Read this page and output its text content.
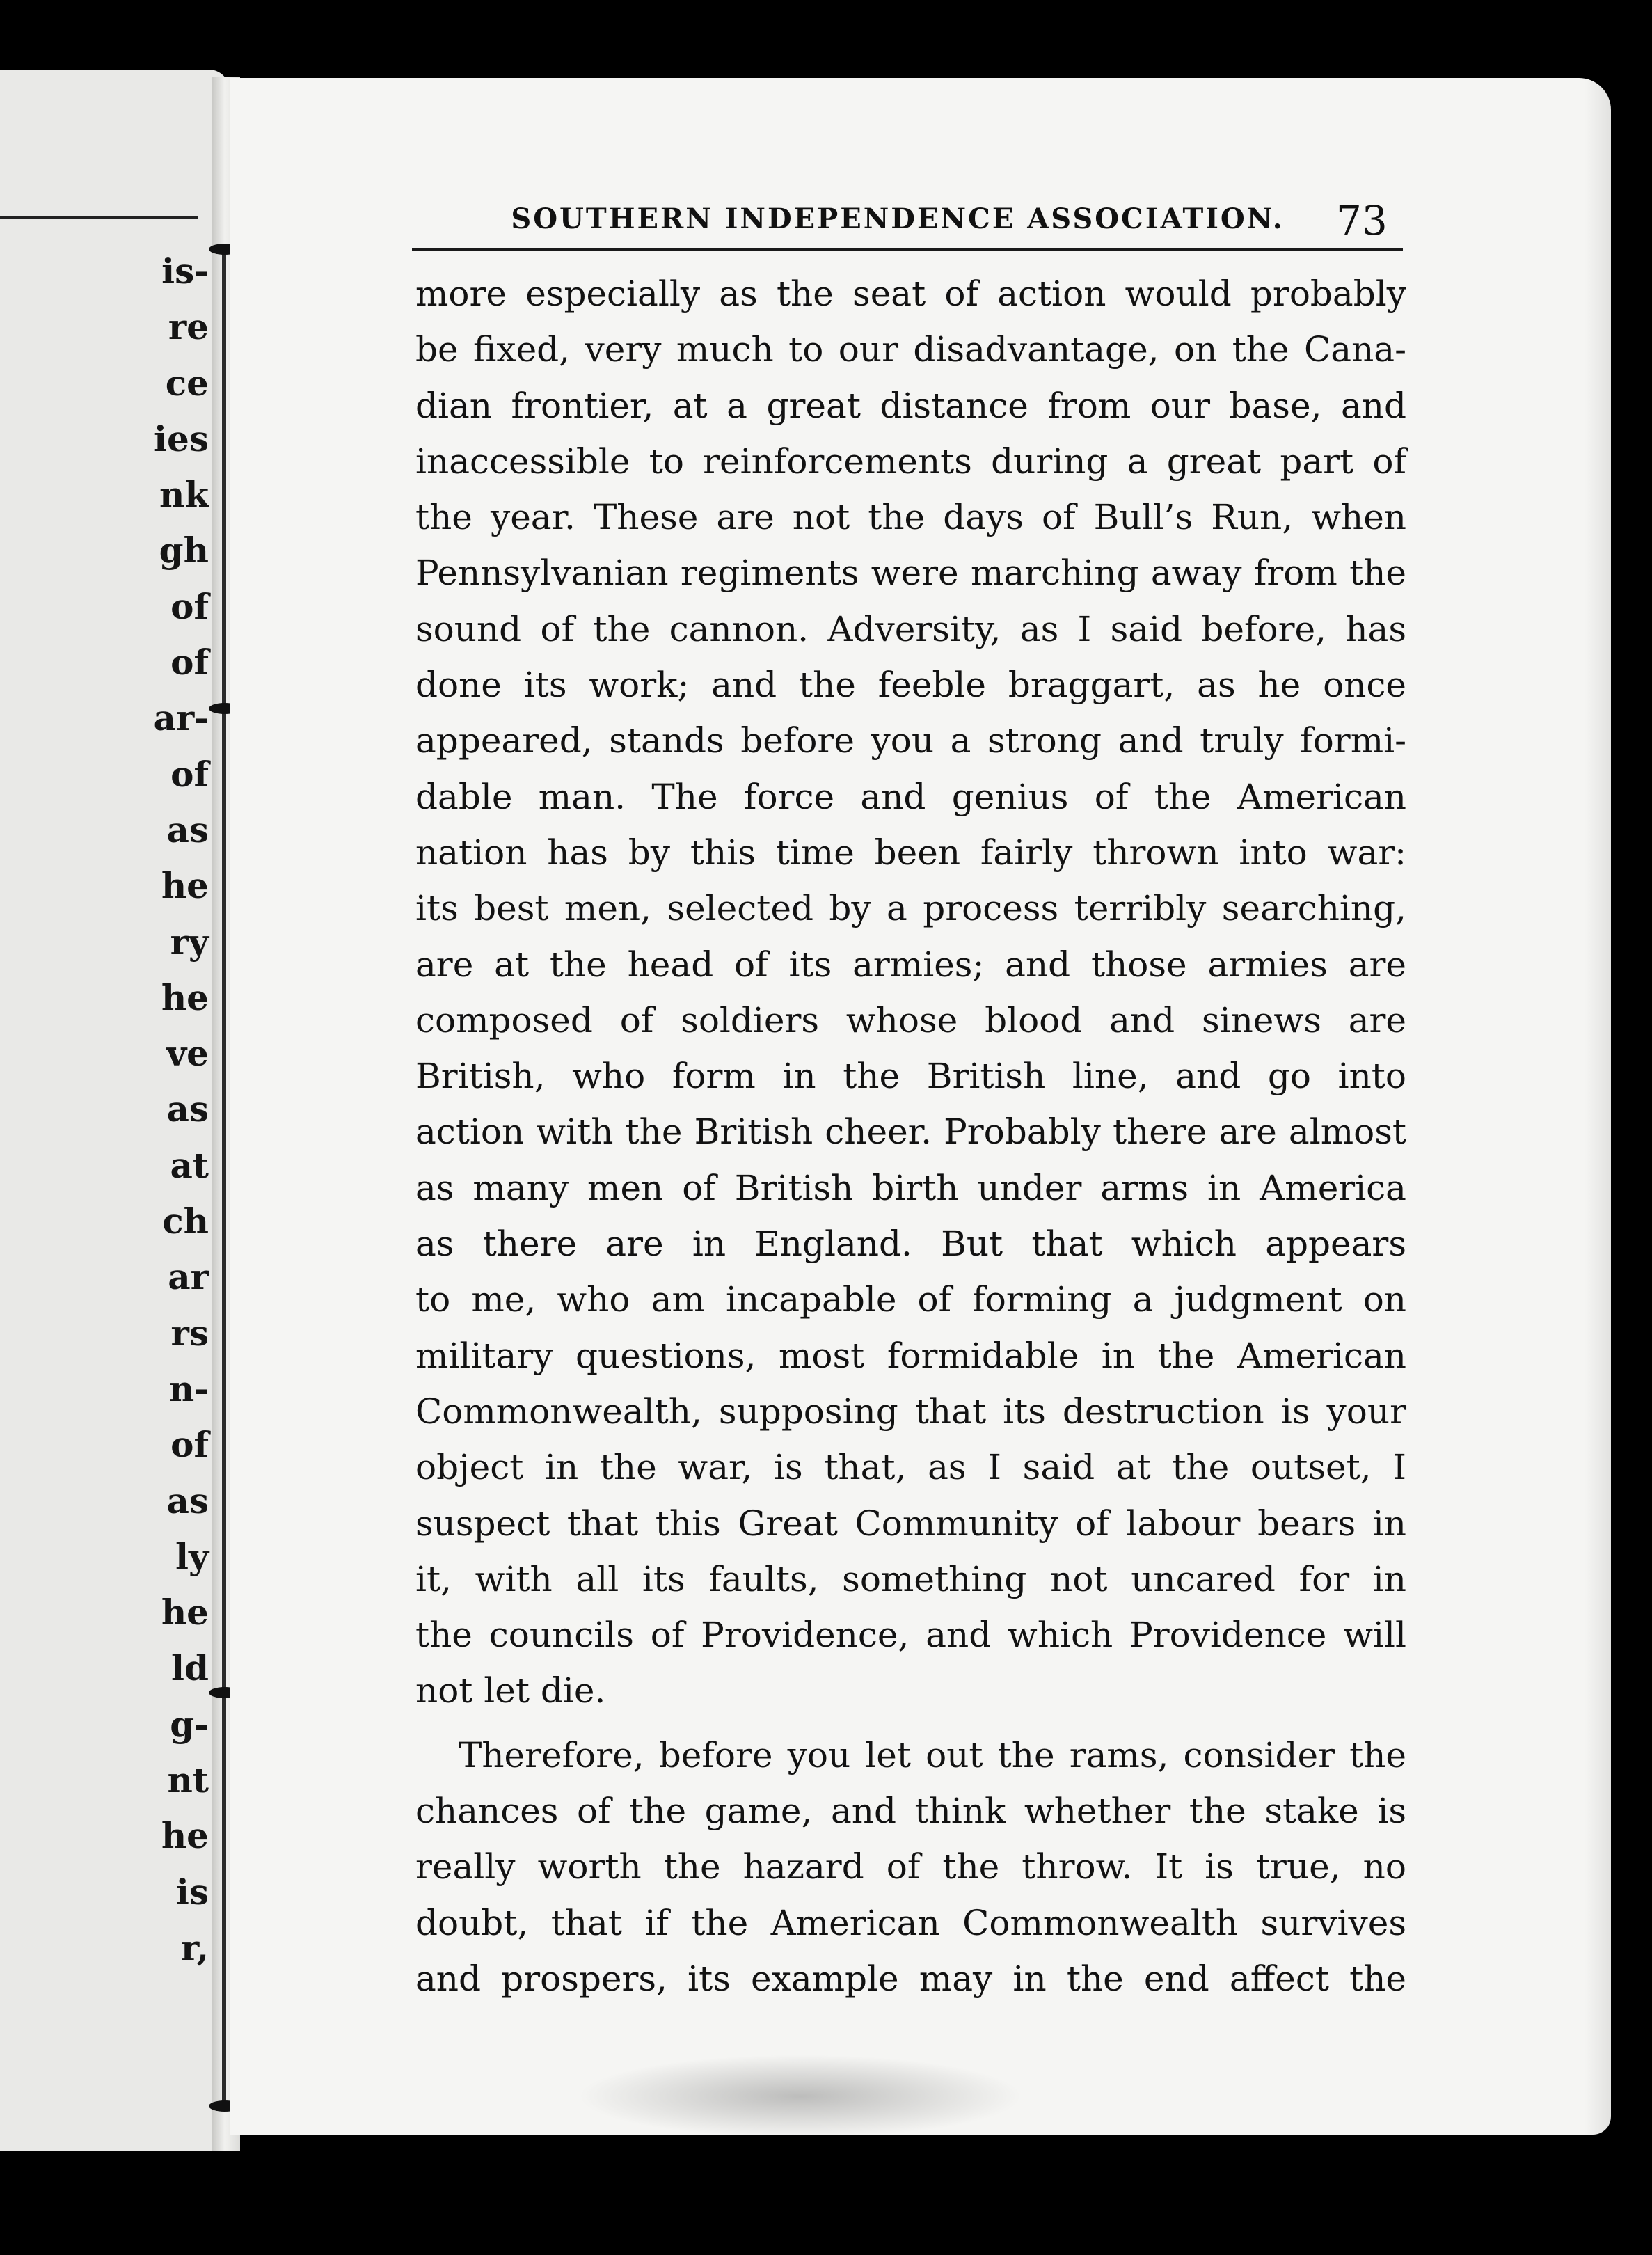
is-
re
ce
ies
nk
gh
of
of
ar-
of
as
he
ry
he
ve
as
at
ch
ar
rs
n-
of
as
ly
he
ld
g-
nt
he
is
r,
SOUTHERN INDEPENDENCE ASSOCIATION. 73
more especially as the seat of action would probably
be fixed, very much to our disadvantage, on the Cana-
dian frontier, at a great distance from our base, and
inaccessible to reinforcements during a great part of
the year. These are not the days of Bull’s Run, when
Pennsylvanian regiments were marching away from the
sound of the cannon. Adversity, as I said before, has
done its work; and the feeble braggart, as he once
appeared, stands before you a strong and truly formi-
dable man. The force and genius of the American
nation has by this time been fairly thrown into war:
its best men, selected by a process terribly searching,
are at the head of its armies; and those armies are
composed of soldiers whose blood and sinews are
British, who form in the British line, and go into
action with the British cheer. Probably there are almost
as many men of British birth under arms in America
as there are in England. But that which appears
to me, who am incapable of forming a judgment on
military questions, most formidable in the American
Commonwealth, supposing that its destruction is your
object in the war, is that, as I said at the outset, I
suspect that this Great Community of labour bears in
it, with all its faults, something not uncared for in
the councils of Providence, and which Providence will
not let die.
Therefore, before you let out the rams, consider the
chances of the game, and think whether the stake is
really worth the hazard of the throw. It is true, no
doubt, that if the American Commonwealth survives
and prospers, its example may in the end affect the
